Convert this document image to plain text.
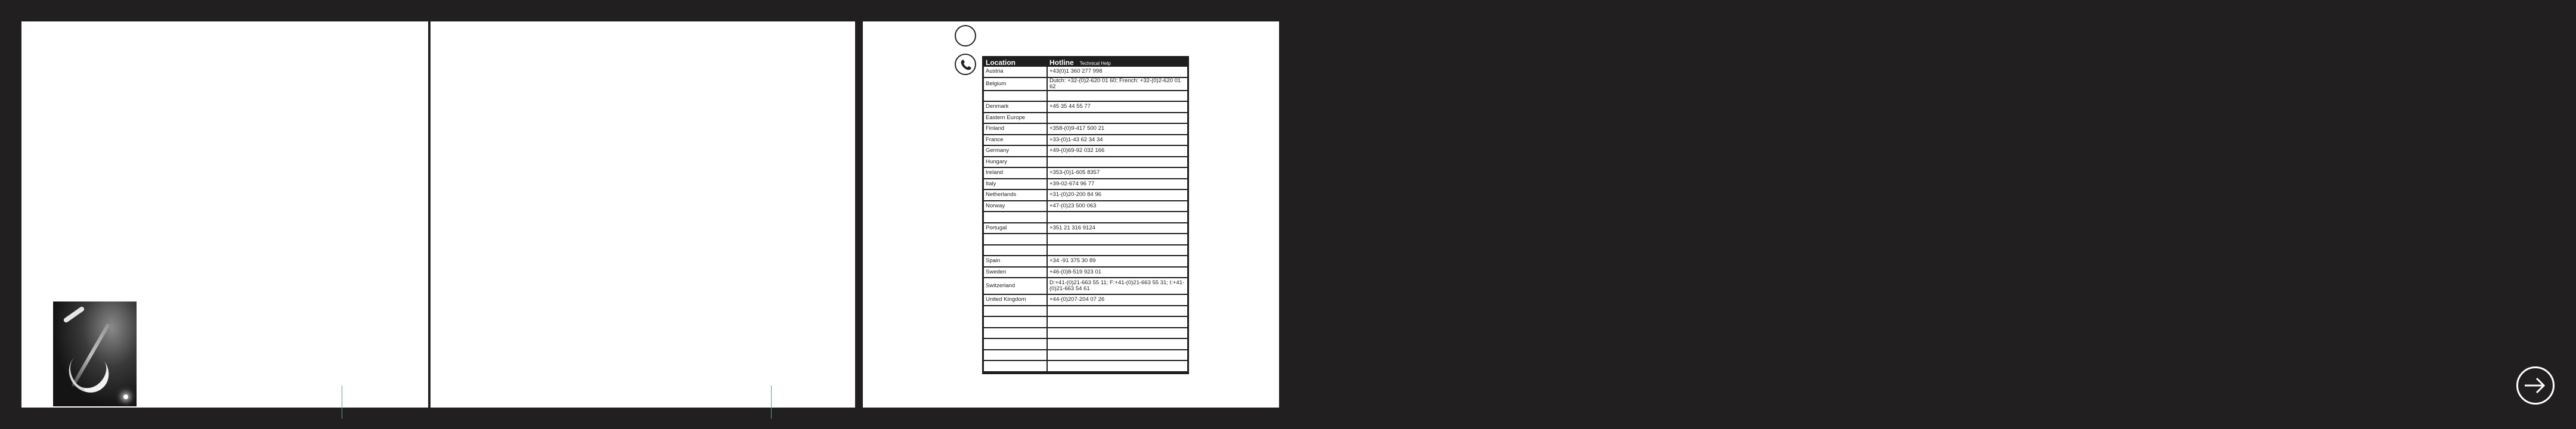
Location	Hotline Technical Help
Austria	+43(0)1 360 277 998
Belgium	Dutch: +32-(0)2-620 01 60; French: +32-(0)2-620 01 62

Denmark	+45 35 44 55 77
Eastern Europe	
Finland	+358-(0)9-417 500 21
France	+33-(0)1-43 62 34 34
Germany	+49-(0)69-92 032 166
Hungary	
Ireland	+353-(0)1-605 8357
Italy	+39-02-674 96 77
Netherlands	+31-(0)20-200 84 96
Norway	+47-(0)23 500 063

Portugal	+351 21 316 9124

Spain	+34 -91 375 30 89
Sweden	+46-(0)8-519 923 01
Switzerland	D:+41-(0)21-663 55 11; F:+41-(0)21-663 55 31; I:+41-(0)21-663 54 61
United Kingdom	+44-(0)207-204 07 26
